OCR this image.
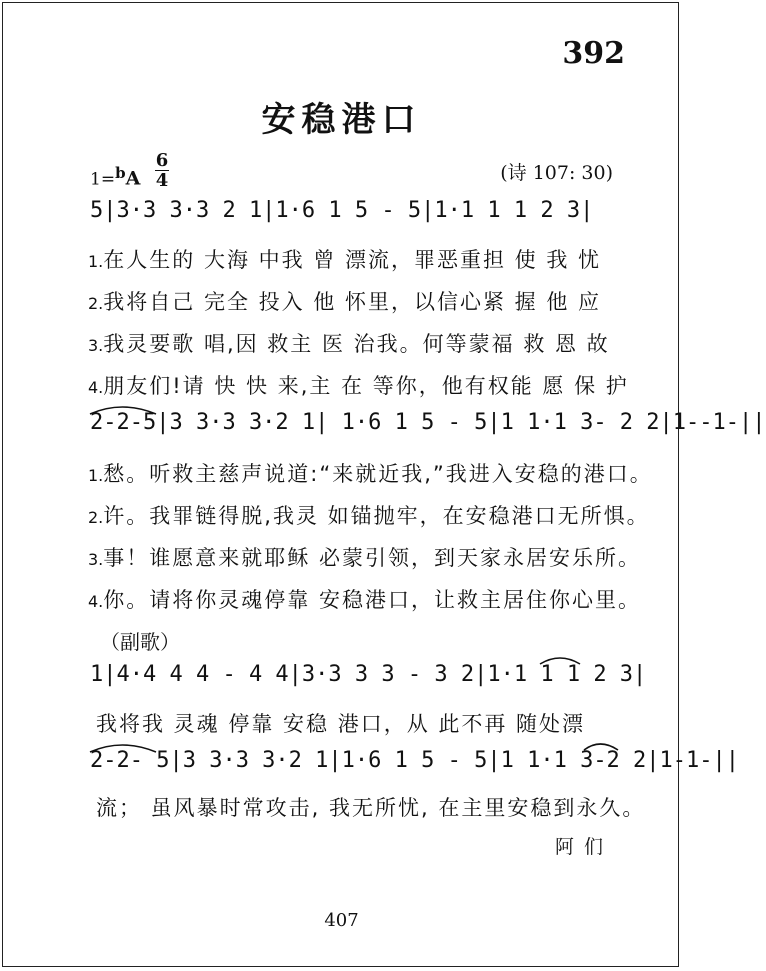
392
安稳港口
1=bA
6
4	(诗 107: 30)
5|3·3 3·3 2 1|1·6 1 5 - 5|1·1 1 1 2 3|
1.在人生的 大海 中我 曾 漂流，罪恶重担 使 我 忧
2.我将自己 完全 投入 他 怀里，以信心紧 握 他 应
3.我灵要歌 唱,因 救主 医 治我。何等蒙福 救 恩 故
4.朋友们!请 快 快 来,主 在 等你，他有权能 愿 保 护
2-2-5|3 3·3 3·2 1| 1·6 1 5 - 5|1 1·1 3- 2 2|1--1-||
1.愁。听救主慈声说道:“来就近我,”我进入安稳的港口。
2.许。我罪链得脱,我灵 如锚抛牢，在安稳港口无所惧。
3.事！谁愿意来就耶稣 必蒙引领，到天家永居安乐所。
4.你。请将你灵魂停靠 安稳港口，让救主居住你心里。
（副歌）
1|4·4 4 4 - 4 4|3·3 3 3 - 3 2|1·1 1 1 2 3|
我将我 灵魂 停靠 安稳 港口，从 此不再 随处漂
2-2- 5|3 3·3 3·2 1|1·6 1 5 - 5|1 1·1 3-2 2|1-1-||
流； 虽风暴时常攻击, 我无所忧, 在主里安稳到永久。
阿们
407
